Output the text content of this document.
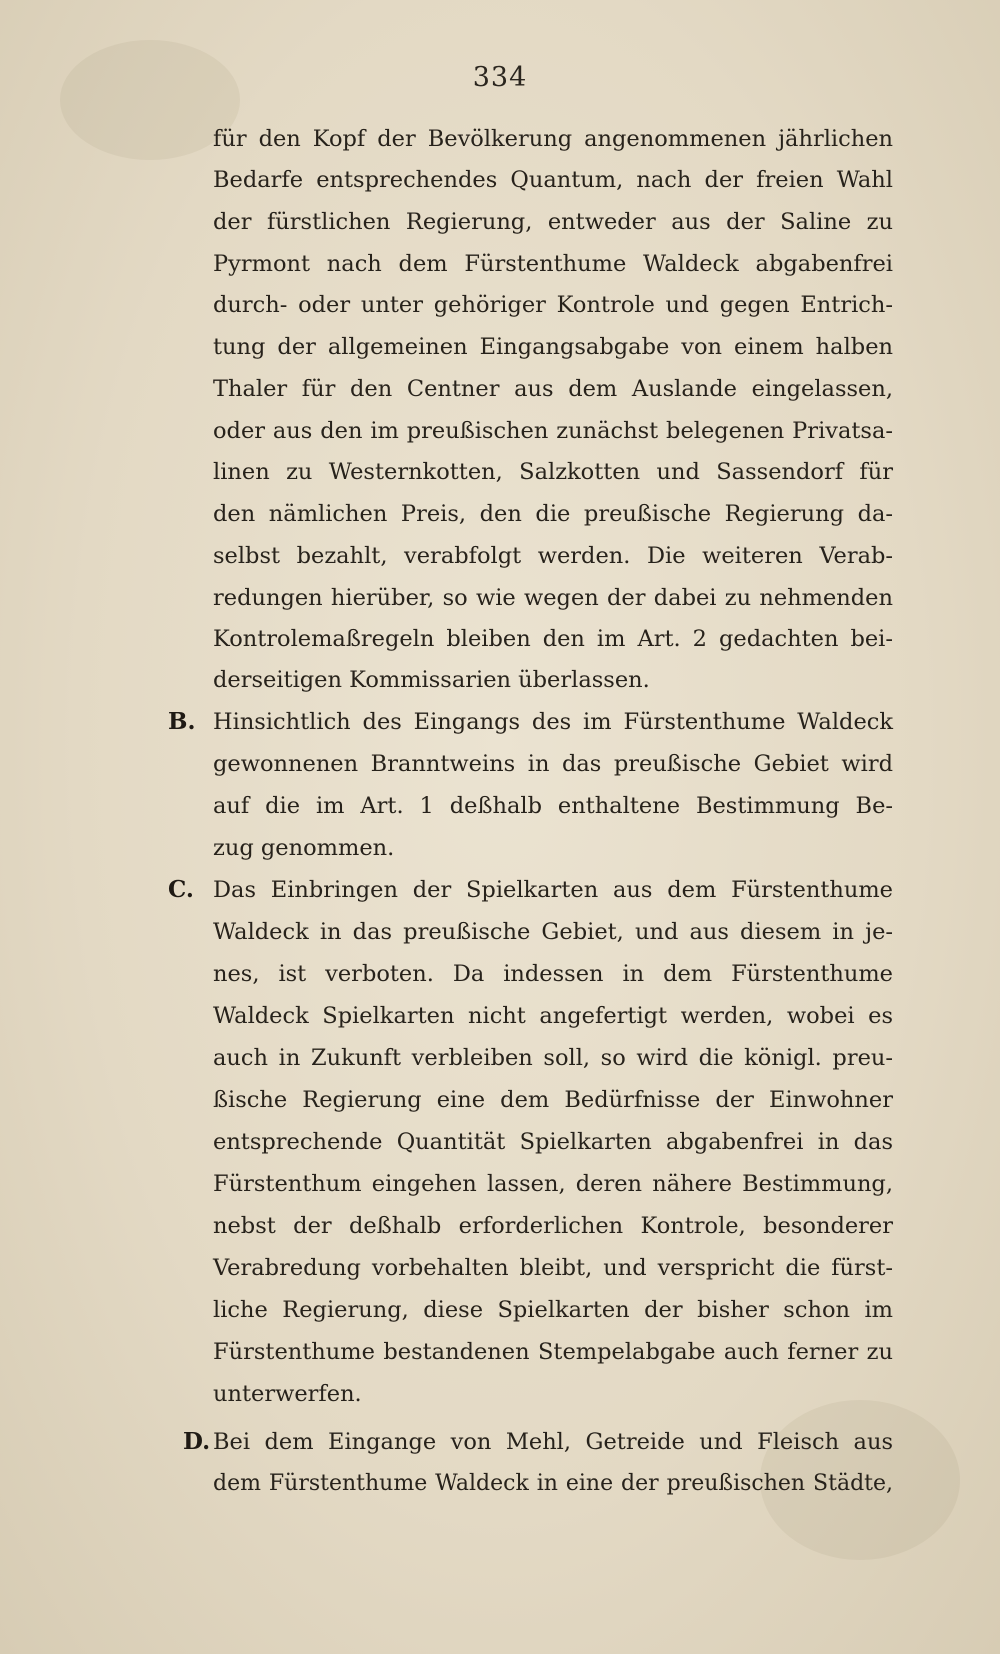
334
für den Kopf der Bevölkerung angenommenen jährlichen
Bedarfe entsprechendes Quantum, nach der freien Wahl
der fürstlichen Regierung, entweder aus der Saline zu
Pyrmont nach dem Fürstenthume Waldeck abgabenfrei
durch- oder unter gehöriger Kontrole und gegen Entrich-
tung der allgemeinen Eingangsabgabe von einem halben
Thaler für den Centner aus dem Auslande eingelassen,
oder aus den im preußischen zunächst belegenen Privatsa-
linen zu Westernkotten, Salzkotten und Sassendorf für
den nämlichen Preis, den die preußische Regierung da-
selbst bezahlt, verabfolgt werden. Die weiteren Verab-
redungen hierüber, so wie wegen der dabei zu nehmenden
Kontrolemaßregeln bleiben den im Art. 2 gedachten bei-
derseitigen Kommissarien überlassen.
B. Hinsichtlich des Eingangs des im Fürstenthume Waldeck
gewonnenen Branntweins in das preußische Gebiet wird
auf die im Art. 1 deßhalb enthaltene Bestimmung Be-
zug genommen.
C. Das Einbringen der Spielkarten aus dem Fürstenthume
Waldeck in das preußische Gebiet, und aus diesem in je-
nes, ist verboten. Da indessen in dem Fürstenthume
Waldeck Spielkarten nicht angefertigt werden, wobei es
auch in Zukunft verbleiben soll, so wird die königl. preu-
ßische Regierung eine dem Bedürfnisse der Einwohner
entsprechende Quantität Spielkarten abgabenfrei in das
Fürstenthum eingehen lassen, deren nähere Bestimmung,
nebst der deßhalb erforderlichen Kontrole, besonderer
Verabredung vorbehalten bleibt, und verspricht die fürst-
liche Regierung, diese Spielkarten der bisher schon im
Fürstenthume bestandenen Stempelabgabe auch ferner zu
unterwerfen.
D. Bei dem Eingange von Mehl, Getreide und Fleisch aus
dem Fürstenthume Waldeck in eine der preußischen Städte,
